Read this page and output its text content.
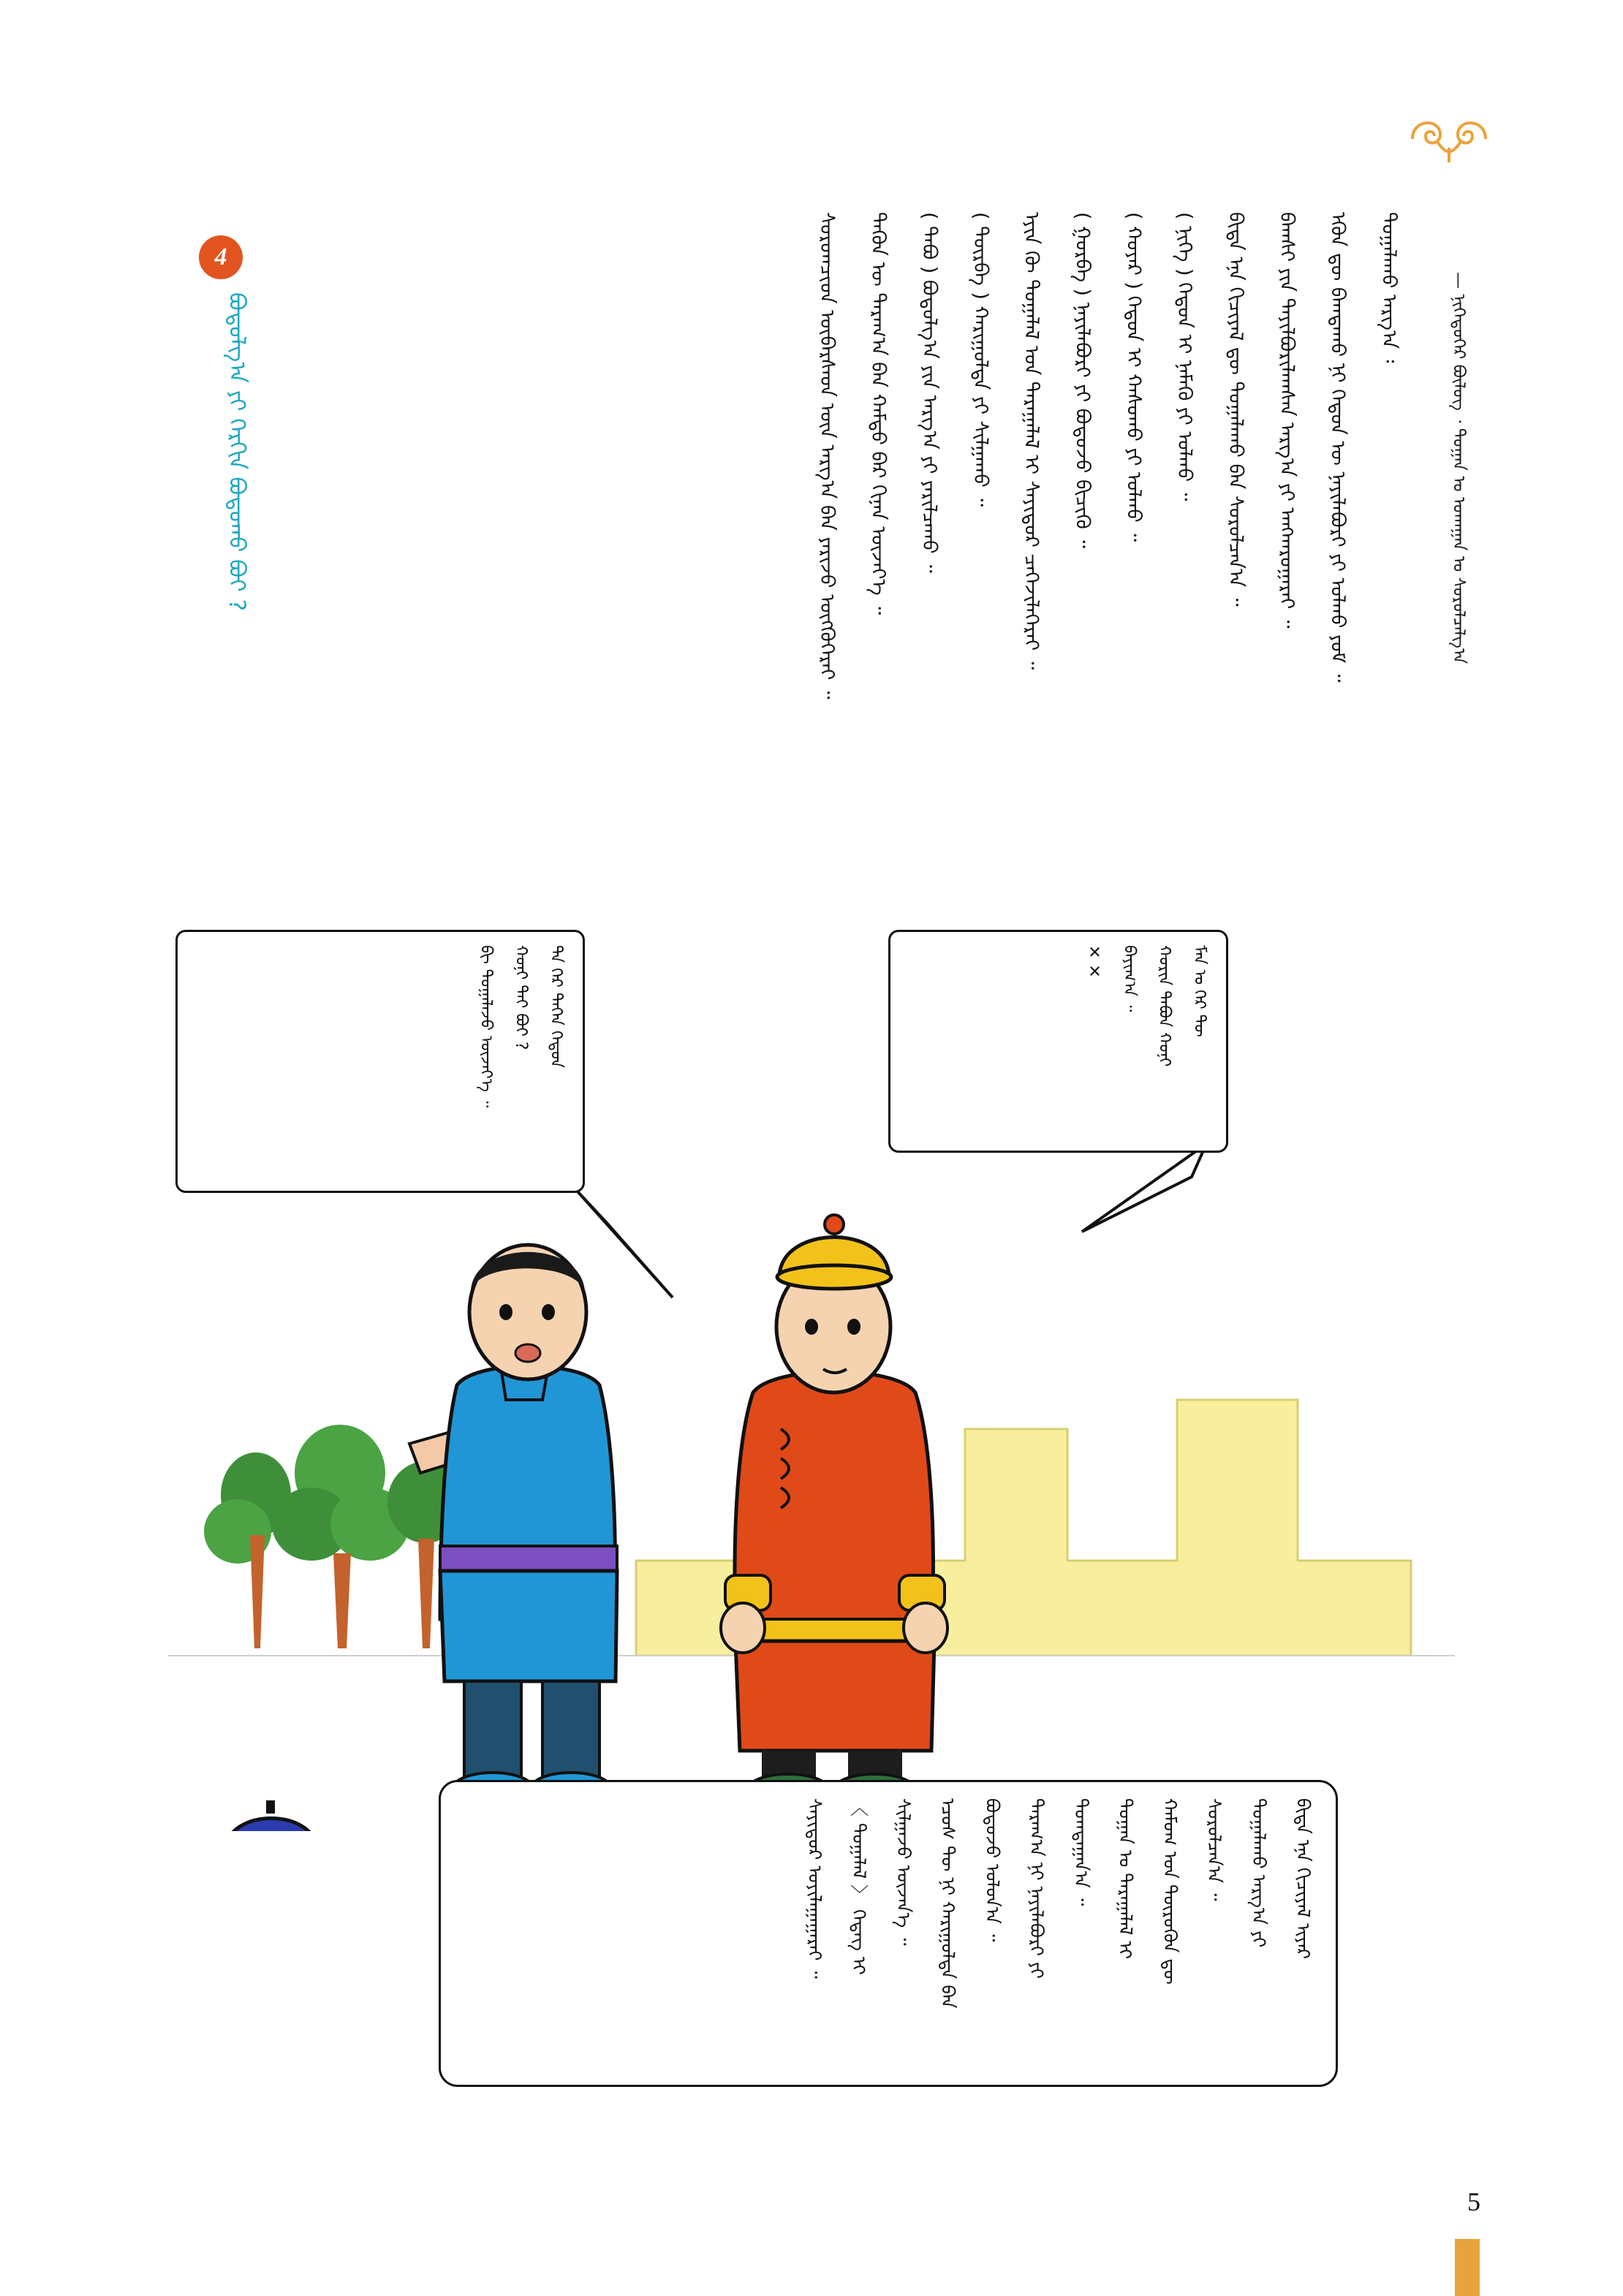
— ᠨᠢᠭᠡᠳᠦᠭᠡᠷ ᠪᠦᠯᠦᠭ ᠂ ᠲᠣᠭᠠᠨ ᠤ ᠤᠬᠠᠭᠠᠨ ᠤ ᠰᠤᠷᠤᠯᠴᠠᠯᠭ᠎ᠠ
4
ᠪᠣᠳᠣᠯᠭ᠎ᠠ ᠶᠢ ᠬᠡᠷᠬᠢᠨ ᠪᠣᠳᠣᠬᠤ ᠪᠤᠢ ?
ᠲᠣᠭᠠᠯᠠᠬᠤ ᠠᠷᠭ᠎ᠠ ᠄
ᠡᠭᠦᠨ ᠳᠦ ᠪᠠᠭᠲᠠᠬᠤ ᠨᠢ ᠬᠡᠳᠦᠨ ᠦ ᠨᠡᠶᠢᠯᠡᠪᠦᠷᠢ ᠶᠢ ᠣᠯᠬᠤ ᠶᠤᠮ ᠃
ᠪᠠᠭᠰᠢ ᠶᠢᠨ ᠲᠠᠶᠢᠯᠪᠤᠷᠢᠯᠠᠭᠰᠠᠨ ᠠᠷᠭ᠎ᠠ ᠶᠢ ᠠᠩᠬᠠᠷᠤᠭᠠᠷᠠᠢ ᠃
ᠪᠢᠳᠡ ᠡᠨᠡ ᠬᠢᠴᠢᠶᠡᠯ ᠳᠦ ᠲᠣᠭᠠᠯᠠᠬᠤ ᠪᠠᠨ ᠰᠤᠷᠤᠯᠴᠠᠨ᠎ᠠ ᠃
( ᠨᠢᠭᠡ ) ᠬᠡᠳᠦᠨ ᠢ ᠨᠡᠮᠡᠬᠦ ᠶᠢ ᠣᠯᠬᠤ ᠃
( ᠬᠣᠶᠠᠷ ) ᠬᠡᠳᠦᠨ ᠢ ᠬᠠᠰᠤᠬᠤ ᠶᠢ ᠣᠯᠬᠤ ᠃
( ᠭᠤᠷᠪᠠ ) ᠨᠡᠶᠢᠯᠡᠪᠦᠷᠢ ᠶᠢ ᠪᠣᠳᠣᠵᠤ ᠪᠢᠴᠢᠬᠦ ᠃
ᠡᠶᠢᠨ ᠬᠦ ᠲᠣᠭᠠᠯᠠᠯ ᠤᠨ ᠳᠠᠷᠠᠭᠠᠯᠠᠯ ᠢ ᠰᠠᠶᠢᠲᠤᠷ ᠴᠡᠭᠡᠵᠢᠯᠡᠭᠡᠷᠡᠢ ᠃
( ᠳᠦᠷᠪᠡ ) ᠬᠠᠷᠢᠭᠤᠯᠲᠠ ᠶᠢ ᠰᠢᠯᠭᠠᠬᠤ ᠃
( ᠲᠠᠪᠤ ) ᠪᠣᠳᠣᠯᠭ᠎ᠠ ᠶᠢᠨ ᠠᠷᠭ᠎ᠠ ᠶᠢ ᠶᠠᠷᠢᠯᠴᠠᠬᠤ ᠃
ᠲᠡᠭᠦᠨ ᠦ ᠳᠠᠷᠠᠭ᠎ᠠ ᠪᠠᠨ ᠬᠠᠮᠲᠤ ᠪᠠᠷ ᠬᠢᠨᠠᠨ ᠦᠵᠡᠶ᠎ᠡ ᠃
ᠰᠤᠷᠤᠭᠴᠢᠳ ᠦᠪᠡᠷᠰᠡᠳ ᠦᠨ ᠠᠷᠭ᠎ᠠ ᠪᠠᠨ ᠶᠠᠷᠢᠵᠤ ᠦᠭᠭᠦᠭᠡᠷᠡᠢ ᠃
ᠲᠠ ᠭᠡᠷ ᠲᠡᠭᠡᠨ ᠬᠡᠳᠦᠨ
ᠬᠣᠨᠢ ᠲᠠᠢ ᠪᠤᠢ ?
ᠪᠢ ᠲᠣᠭᠠᠯᠠᠵᠤ ᠦᠵᠡᠶ᠎ᠡ ᠃	ᠮᠠᠨ ᠤ ᠭᠡᠷ ᠲᠦ
ᠬᠣᠷᠢᠨ ᠲᠠᠪᠤᠨ ᠬᠣᠨᠢ
ᠪᠠᠶᠢᠭ᠎ᠠ ᠃
✕ ✕
ᠪᠢᠳᠡ ᠡᠨᠡ ᠬᠢᠴᠢᠶᠡᠯ ᠢᠶᠡᠷ
ᠲᠣᠭᠠᠯᠠᠬᠤ ᠠᠷᠭ᠎ᠠ ᠶᠢ
ᠰᠤᠷᠤᠯᠴᠠᠨ᠎ᠠ ᠃
ᠬᠠᠮᠤᠭ ᠤᠨ ᠲᠦᠷᠦᠭᠦᠨ ᠳᠦ
ᠲᠣᠭᠠᠨ ᠤ ᠳᠠᠷᠠᠭᠠᠯᠠᠯ ᠢ
ᠲᠣᠭᠲᠠᠭᠠᠨ᠎ᠠ ᠃
ᠳᠠᠷᠠᠭ᠎ᠠ ᠨᠢ ᠨᠡᠶᠢᠯᠡᠪᠦᠷᠢ ᠶᠢ
ᠪᠣᠳᠣᠵᠤ ᠣᠯᠤᠨ᠎ᠠ ᠃
ᠡᠴᠦᠰ ᠲᠦ ᠨᠢ ᠬᠠᠷᠢᠭᠤᠯᠲᠠ ᠪᠠᠨ
ᠰᠢᠯᠭᠠᠵᠤ ᠦᠵᠡᠨ᠎ᠡ ᠃
〈 ᠲᠣᠭᠠᠯᠠᠯ 〉 ᠭᠡᠳᠡᠭ ᠢ
ᠰᠠᠶᠢᠲᠤᠷ ᠣᠶᠢᠯᠠᠭᠠᠭᠠᠷᠠᠢ ᠃
5
